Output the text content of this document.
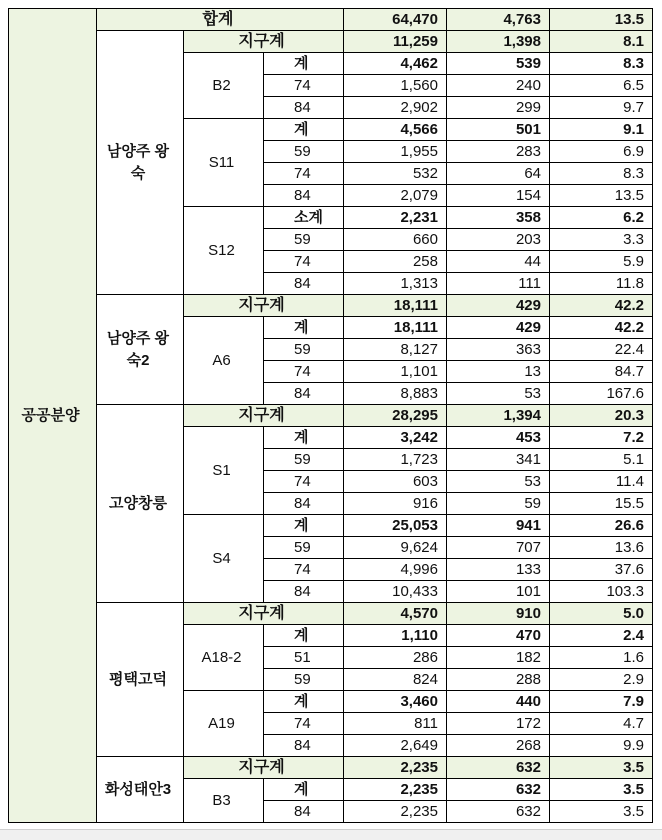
공공분양	합계			64,470	4,763	13.5
	남양주 왕숙	지구계		11,259	1,398	8.1
		B2	계	4,462	539	8.3
			74	1,560	240	6.5
			84	2,902	299	9.7
		S11	계	4,566	501	9.1
			59	1,955	283	6.9
			74	532	64	8.3
			84	2,079	154	13.5
		S12	소계	2,231	358	6.2
			59	660	203	3.3
			74	258	44	5.9
			84	1,313	111	11.8
	남양주 왕숙2	지구계		18,111	429	42.2
		A6	계	18,111	429	42.2
			59	8,127	363	22.4
			74	1,101	13	84.7
			84	8,883	53	167.6
	고양창릉	지구계		28,295	1,394	20.3
		S1	계	3,242	453	7.2
			59	1,723	341	5.1
			74	603	53	11.4
			84	916	59	15.5
		S4	계	25,053	941	26.6
			59	9,624	707	13.6
			74	4,996	133	37.6
			84	10,433	101	103.3
	평택고덕	지구계		4,570	910	5.0
		A18-2	계	1,110	470	2.4
			51	286	182	1.6
			59	824	288	2.9
		A19	계	3,460	440	7.9
			74	811	172	4.7
			84	2,649	268	9.9
	화성태안3	지구계		2,235	632	3.5
		B3	계	2,235	632	3.5
			84	2,235	632	3.5
